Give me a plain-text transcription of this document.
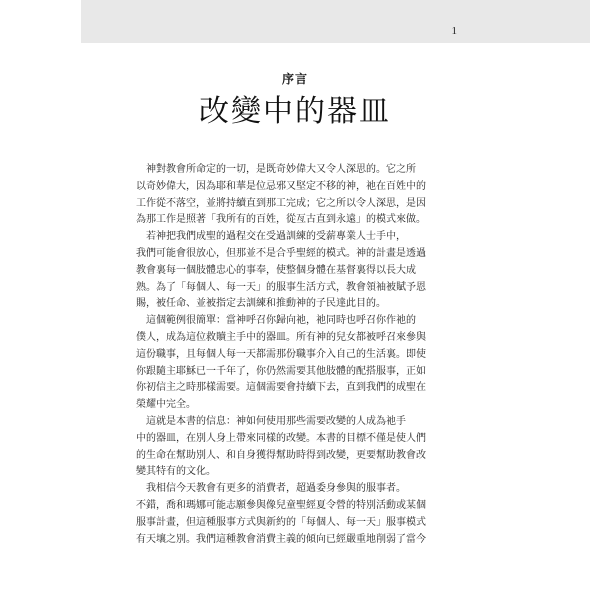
1
序言
改變中的器皿

　神對教會所命定的一切，是既奇妙偉大又令人深思的。它之所
以奇妙偉大，因為耶和華是位忌邪又堅定不移的神，祂在百姓中的
工作從不落空，並將持續直到那工完成；它之所以令人深思，是因
為那工作是照著「我所有的百姓，從亙古直到永遠」的模式來做。

　若神把我們成聖的過程交在受過訓練的受薪專業人士手中，
我們可能會很放心，但那並不是合乎聖經的模式。神的計畫是透過
教會裏每一個肢體忠心的事奉，使整個身體在基督裏得以長大成
熟。為了「每個人、每一天」的服事生活方式，教會領袖被賦予恩
賜，被任命、並被指定去訓練和推動神的子民達此目的。

　這個範例很簡單：當神呼召你歸向祂，祂同時也呼召你作祂的
僕人，成為這位救贖主手中的器皿。所有神的兒女都被呼召來參與
這份職事，且每個人每一天都需那份職事介入自己的生活裏。即使
你跟隨主耶穌已一千年了，你仍然需要其他肢體的配搭服事，正如
你初信主之時那樣需要。這個需要會持續下去，直到我們的成聖在
榮耀中完全。

　這就是本書的信息：神如何使用那些需要改變的人成為祂手
中的器皿，在別人身上帶來同樣的改變。本書的目標不僅是使人們
的生命在幫助別人、和自身獲得幫助時得到改變，更要幫助教會改
變其特有的文化。

　我相信今天教會有更多的消費者，超過委身參與的服事者。
不錯，喬和瑪娜可能志願參與像兒童聖經夏令營的特別活動或某個
服事計畫，但這種服事方式與新約的「每個人、每一天」服事模式
有天壤之別。我們這種教會消費主義的傾向已經嚴重地削弱了當今
